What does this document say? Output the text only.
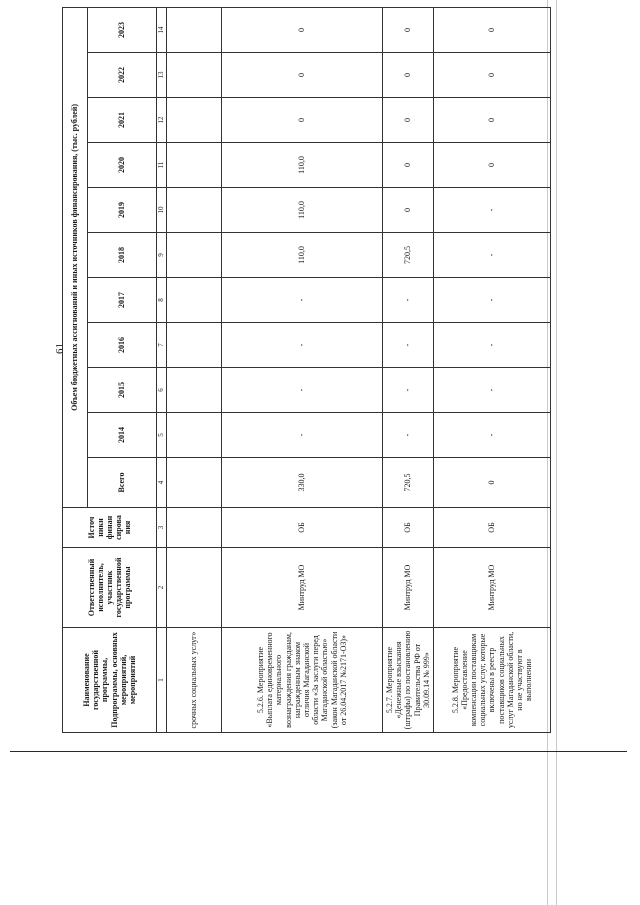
61
Наименование государственной программы, Подпрограммы, основных мероприятий, мероприятий	Ответственный исполнитель, участник государственной программы	Источ ники финан сирова ния	Объем бюджетных ассигнований и иных источников финансирования, (тыс. рублей)										
			Всего	2014	2015	2016	2017	2018	2019	2020	2021	2022	2023
1	2	3	4	5	6	7	8	9	10	11	12	13	14
срочных социальных услуг»													
5.2.6. Мероприятие «Выплата единовременного материального вознаграждения гражданам, награжденным знаком отличия Магаданской области «За заслуги перед Магаданской областью» (закон Магаданской области от 26.04.2017 №2171-ОЗ)»	Минтруд МО	ОБ	330,0	-	-	-	-	110,0	110,0	110,0	0	0	0
5.2.7. Мероприятие «Денежные взыскания (штрафы) по постановлению Правительства РФ от 30.09.14 № 999»	Минтруд МО	ОБ	720,5	-	-	-	-	720,5	0	0	0	0	0
5.2.8. Мероприятие «Предоставление компенсации поставщикам социальных услуг, которые включены в реестр поставщиков социальных услуг Магаданской области, но не участвуют в выполнении	Минтруд МО	ОБ	0	-	-	-	-	-	-	0	0	0	0
